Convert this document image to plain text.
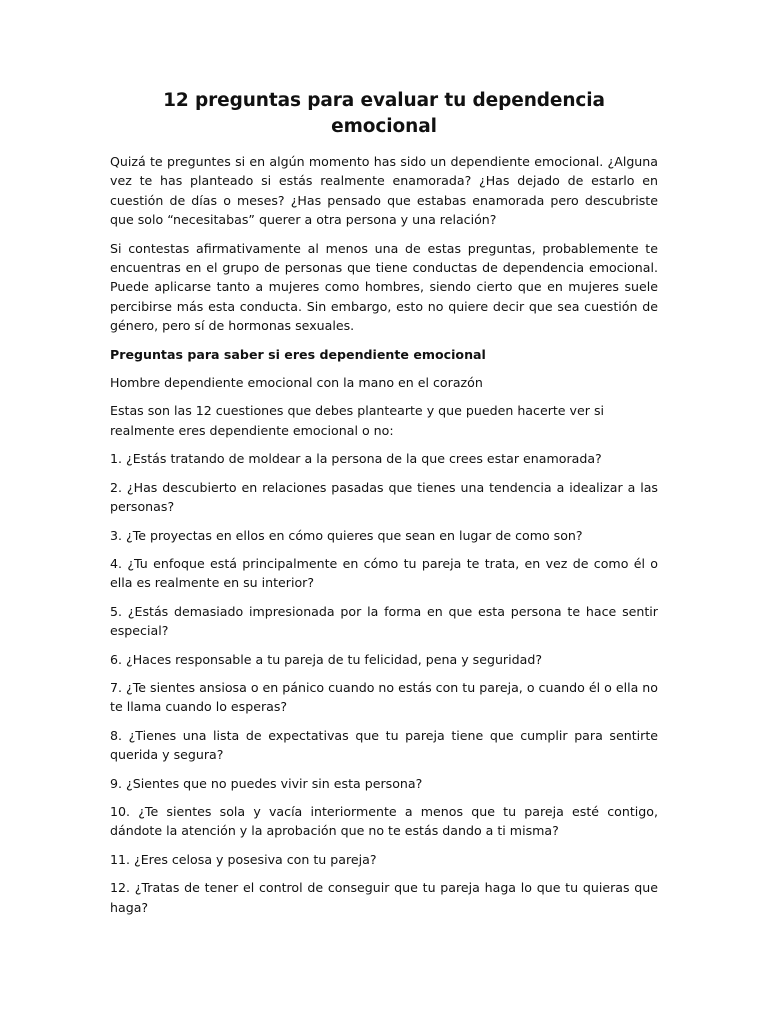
12 preguntas para evaluar tu dependencia emocional

Quizá te preguntes si en algún momento has sido un dependiente emocional. ¿Alguna vez te has planteado si estás realmente enamorada? ¿Has dejado de estarlo en cuestión de días o meses? ¿Has pensado que estabas enamorada pero descubriste que solo “necesitabas” querer a otra persona y una relación?

Si contestas afirmativamente al menos una de estas preguntas, probablemente te encuentras en el grupo de personas que tiene conductas de dependencia emocional. Puede aplicarse tanto a mujeres como hombres, siendo cierto que en mujeres suele percibirse más esta conducta. Sin embargo, esto no quiere decir que sea cuestión de género, pero sí de hormonas sexuales.

Preguntas para saber si eres dependiente emocional

Hombre dependiente emocional con la mano en el corazón

Estas son las 12 cuestiones que debes plantearte y que pueden hacerte ver si realmente eres dependiente emocional o no:

1. ¿Estás tratando de moldear a la persona de la que crees estar enamorada?
2. ¿Has descubierto en relaciones pasadas que tienes una tendencia a idealizar a las personas?
3. ¿Te proyectas en ellos en cómo quieres que sean en lugar de como son?
4. ¿Tu enfoque está principalmente en cómo tu pareja te trata, en vez de como él o ella es realmente en su interior?
5. ¿Estás demasiado impresionada por la forma en que esta persona te hace sentir especial?
6. ¿Haces responsable a tu pareja de tu felicidad, pena y seguridad?
7. ¿Te sientes ansiosa o en pánico cuando no estás con tu pareja, o cuando él o ella no te llama cuando lo esperas?
8. ¿Tienes una lista de expectativas que tu pareja tiene que cumplir para sentirte querida y segura?
9. ¿Sientes que no puedes vivir sin esta persona?
10. ¿Te sientes sola y vacía interiormente a menos que tu pareja esté contigo, dándote la atención y la aprobación que no te estás dando a ti misma?
11. ¿Eres celosa y posesiva con tu pareja?
12. ¿Tratas de tener el control de conseguir que tu pareja haga lo que tu quieras que haga?
